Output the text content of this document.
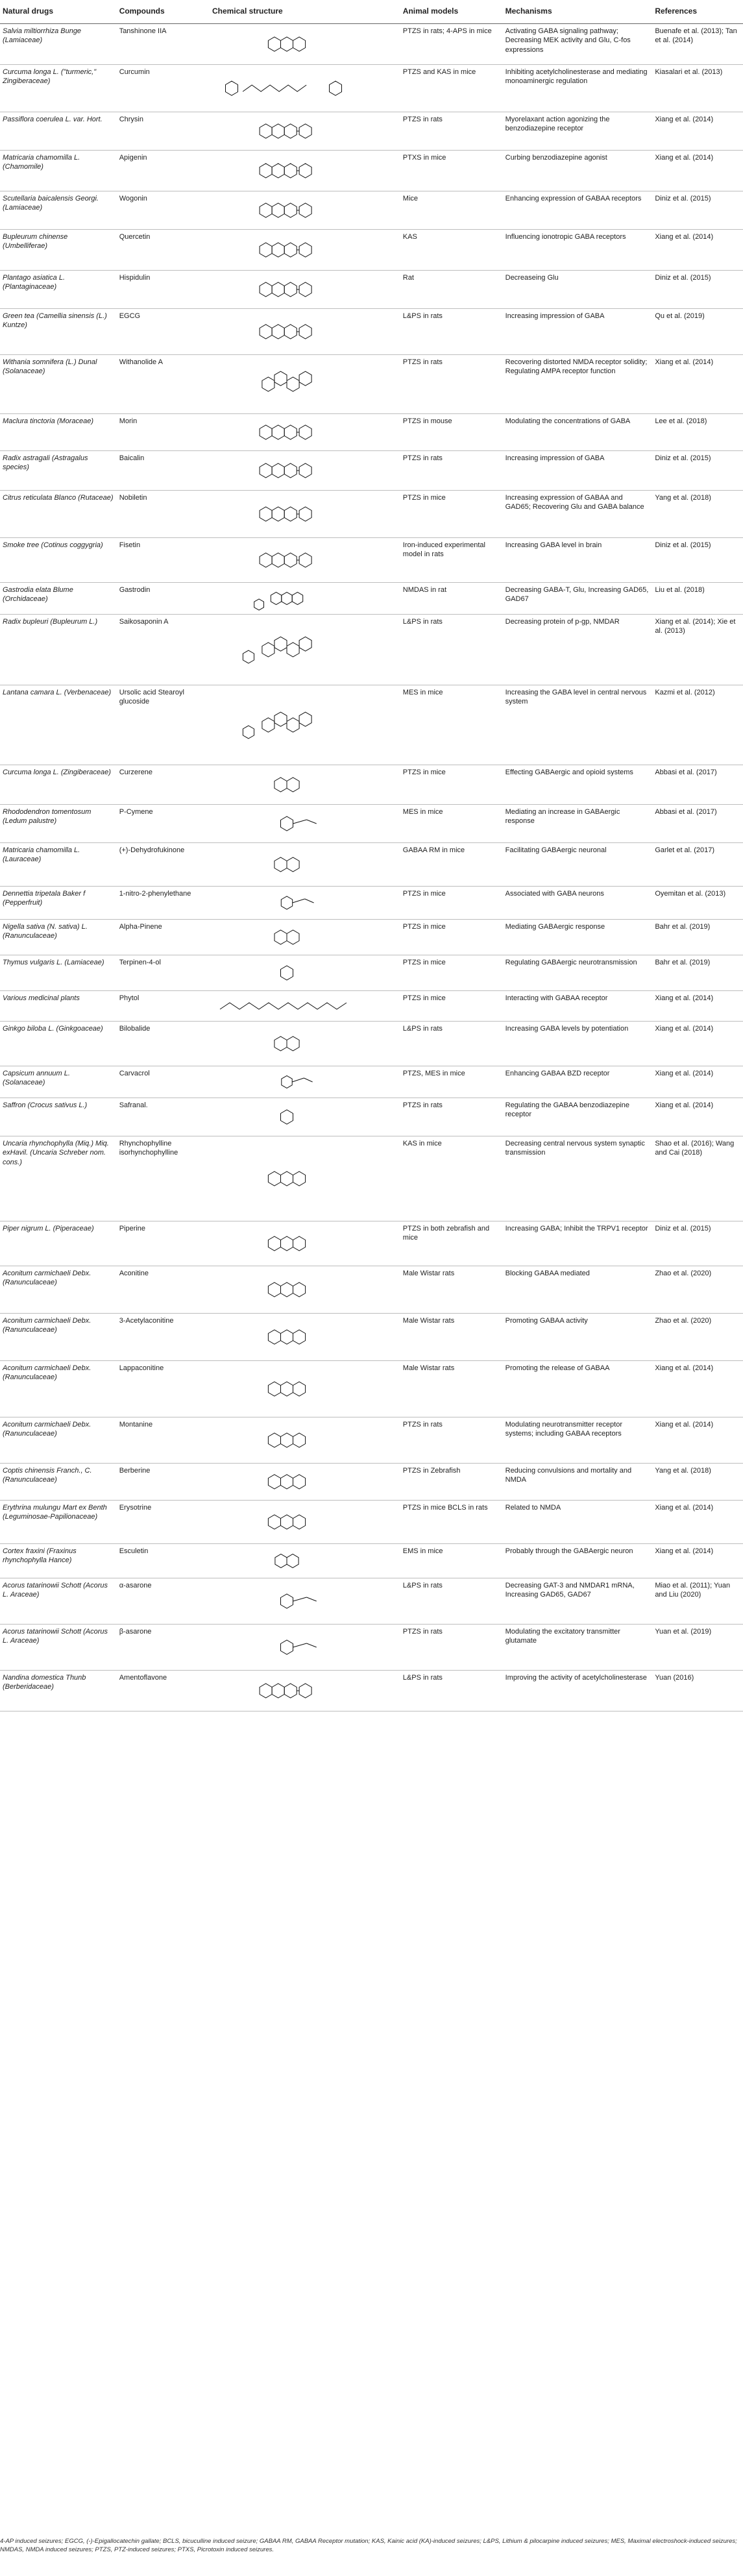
Natural drugs	Compounds	Chemical structure	Animal models	Mechanisms	References
Salvia miltiorrhiza Bunge (Lamiaceae)	Tanshinone IIA		PTZS in rats; 4-APS in mice	Activating GABA signaling pathway; Decreasing MEK activity and Glu, C-fos expressions	Buenafe et al. (2013); Tan et al. (2014)
Curcuma longa L. ("turmeric," Zingiberaceae)	Curcumin		PTZS and KAS in mice	Inhibiting acetylcholinesterase and mediating monoaminergic regulation	Kiasalari et al. (2013)
Passiflora coerulea L. var. Hort.	Chrysin		PTZS in rats	Myorelaxant action agonizing the benzodiazepine receptor	Xiang et al. (2014)
Matricaria chamomilla L. (Chamomile)	Apigenin		PTXS in mice	Curbing benzodiazepine agonist	Xiang et al. (2014)
Scutellaria baicalensis Georgi. (Lamiaceae)	Wogonin		Mice	Enhancing expression of GABAA receptors	Diniz et al. (2015)
Bupleurum chinense (Umbelliferae)	Quercetin		KAS	Influencing ionotropic GABA receptors	Xiang et al. (2014)
Plantago asiatica L. (Plantaginaceae)	Hispidulin		Rat	Decreaseing Glu	Diniz et al. (2015)
Green tea (Camellia sinensis (L.) Kuntze)	EGCG		L&PS in rats	Increasing impression of GABA	Qu et al. (2019)
Withania somnifera (L.) Dunal (Solanaceae)	Withanolide A		PTZS in rats	Recovering distorted NMDA receptor solidity; Regulating AMPA receptor function	Xiang et al. (2014)
Maclura tinctoria (Moraceae)	Morin		PTZS in mouse	Modulating the concentrations of GABA	Lee et al. (2018)
Radix astragali (Astragalus species)	Baicalin		PTZS in rats	Increasing impression of GABA	Diniz et al. (2015)
Citrus reticulata Blanco (Rutaceae)	Nobiletin		PTZS in mice	Increasing expression of GABAA and GAD65; Recovering Glu and GABA balance	Yang et al. (2018)
Smoke tree (Cotinus coggygria)	Fisetin		Iron-induced experimental model in rats	Increasing GABA level in brain	Diniz et al. (2015)
Gastrodia elata Blume (Orchidaceae)	Gastrodin		NMDAS in rat	Decreasing GABA-T, Glu, Increasing GAD65, GAD67	Liu et al. (2018)
Radix bupleuri (Bupleurum L.)	Saikosaponin A		L&PS in rats	Decreasing protein of p-gp, NMDAR	Xiang et al. (2014); Xie et al. (2013)
Lantana camara L. (Verbenaceae)	Ursolic acid Stearoyl glucoside		MES in mice	Increasing the GABA level in central nervous system	Kazmi et al. (2012)
Curcuma longa L. (Zingiberaceae)	Curzerene		PTZS in mice	Effecting GABAergic and opioid systems	Abbasi et al. (2017)
Rhododendron tomentosum (Ledum palustre)	P-Cymene		MES in mice	Mediating an increase in GABAergic response	Abbasi et al. (2017)
Matricaria chamomilla L. (Lauraceae)	(+)-Dehydrofukinone		GABAA RM in mice	Facilitating GABAergic neuronal	Garlet et al. (2017)
Dennettia tripetala Baker f (Pepperfruit)	1-nitro-2-phenylethane		PTZS in mice	Associated with GABA neurons	Oyemitan et al. (2013)
Nigella sativa (N. sativa) L. (Ranunculaceae)	Alpha-Pinene		PTZS in mice	Mediating GABAergic response	Bahr et al. (2019)
Thymus vulgaris L. (Lamiaceae)	Terpinen-4-ol		PTZS in mice	Regulating GABAergic neurotransmission	Bahr et al. (2019)
Various medicinal plants	Phytol		PTZS in mice	Interacting with GABAA receptor	Xiang et al. (2014)
Ginkgo biloba L. (Ginkgoaceae)	Bilobalide		L&PS in rats	Increasing GABA levels by potentiation	Xiang et al. (2014)
Capsicum annuum L. (Solanaceae)	Carvacrol		PTZS, MES in mice	Enhancing GABAA BZD receptor	Xiang et al. (2014)
Saffron (Crocus sativus L.)	Safranal.		PTZS in rats	Regulating the GABAA benzodiazepine receptor	Xiang et al. (2014)
Uncaria rhynchophylla (Miq.) Miq. exHavil. (Uncaria Schreber nom. cons.)	Rhynchophylline isorhynchophylline		KAS in mice	Decreasing central nervous system synaptic transmission	Shao et al. (2016); Wang and Cai (2018)
Piper nigrum L. (Piperaceae)	Piperine		PTZS in both zebrafish and mice	Increasing GABA; Inhibit the TRPV1 receptor	Diniz et al. (2015)
Aconitum carmichaeli Debx. (Ranunculaceae)	Aconitine		Male Wistar rats	Blocking GABAA mediated	Zhao et al. (2020)
Aconitum carmichaeli Debx. (Ranunculaceae)	3-Acetylaconitine		Male Wistar rats	Promoting GABAA activity	Zhao et al. (2020)
Aconitum carmichaeli Debx. (Ranunculaceae)	Lappaconitine		Male Wistar rats	Promoting the release of GABAA	Xiang et al. (2014)
Aconitum carmichaeli Debx. (Ranunculaceae)	Montanine		PTZS in rats	Modulating neurotransmitter receptor systems; including GABAA receptors	Xiang et al. (2014)
Coptis chinensis Franch., C.(Ranunculaceae)	Berberine		PTZS in Zebrafish	Reducing convulsions and mortality and NMDA	Yang et al. (2018)
Erythrina mulungu Mart ex Benth (Leguminosae-Papilionaceae)	Erysotrine		PTZS in mice BCLS in rats	Related to NMDA	Xiang et al. (2014)
Cortex fraxini (Fraxinus rhynchophylla Hance)	Esculetin		EMS in mice	Probably through the GABAergic neuron	Xiang et al. (2014)
Acorus tatarinowii Schott (Acorus L. Araceae)	α-asarone		L&PS in rats	Decreasing GAT-3 and NMDAR1 mRNA, Increasing GAD65, GAD67	Miao et al. (2011); Yuan and Liu (2020)
Acorus tatarinowii Schott (Acorus L. Araceae)	β-asarone		PTZS in rats	Modulating the excitatory transmitter glutamate	Yuan et al. (2019)
Nandina domestica Thunb (Berberidaceae)	Amentoflavone		L&PS in rats	Improving the activity of acetylcholinesterase	Yuan (2016)
4-AP induced seizures; EGCG, (-)-Epigallocatechin gallate; BCLS, bicuculline induced seizure; GABAA RM, GABAA Receptor mutation; KAS, Kainic acid (KA)-induced seizures; L&PS, Lithium & pilocarpine induced seizures; MES, Maximal electroshock-induced seizures; NMDAS, NMDA induced seizures; PTZS, PTZ-induced seizures; PTXS, Picrotoxin induced seizures.
